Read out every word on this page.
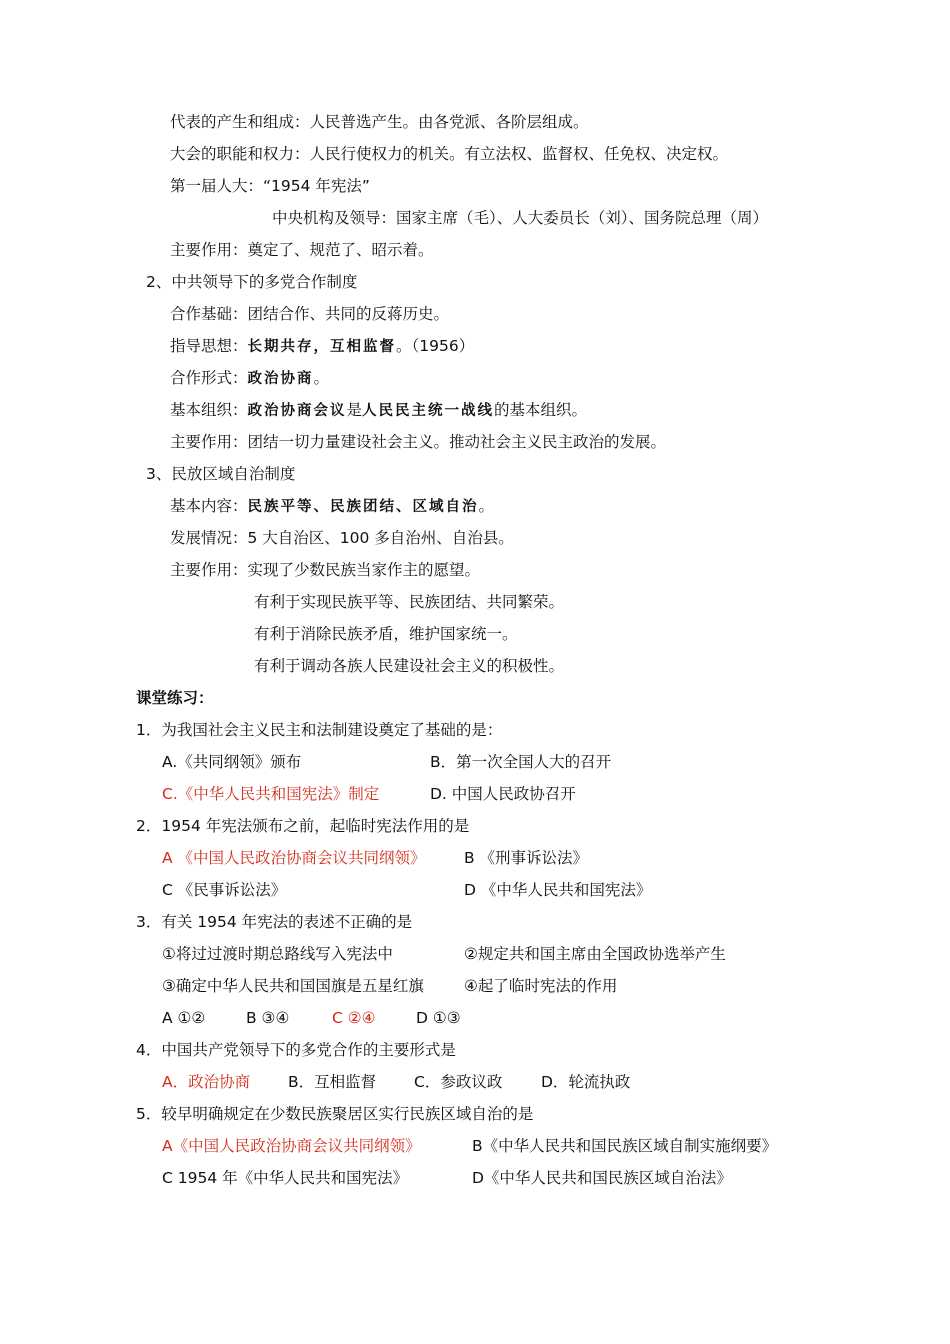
代表的产生和组成：人民普选产生。由各党派、各阶层组成。
大会的职能和权力：人民行使权力的机关。有立法权、监督权、任免权、决定权。
第一届人大：“1954 年宪法”
中央机构及领导：国家主席（毛）、人大委员长（刘）、国务院总理（周）
主要作用：奠定了、规范了、昭示着。
2、中共领导下的多党合作制度
合作基础：团结合作、共同的反蒋历史。
指导思想：长期共存，互相监督。（1956）
合作形式：政治协商。
基本组织：政治协商会议是人民民主统一战线的基本组织。
主要作用：团结一切力量建设社会主义。推动社会主义民主政治的发展。
3、民放区域自治制度
基本内容：民族平等、民族团结、区域自治。
发展情况：5 大自治区、100 多自治州、自治县。
主要作用：实现了少数民族当家作主的愿望。
有利于实现民族平等、民族团结、共同繁荣。
有利于消除民族矛盾，维护国家统一。
有利于调动各族人民建设社会主义的积极性。
课堂练习：
1．为我国社会主义民主和法制建设奠定了基础的是：
A.《共同纲领》颁布	B．第一次全国人大的召开
C.《中华人民共和国宪法》制定	D. 中国人民政协召开
2．1954 年宪法颁布之前，起临时宪法作用的是
A 《中国人民政治协商会议共同纲领》 B 《刑事诉讼法》
C 《民事诉讼法》	D 《中华人民共和国宪法》
3．有关 1954 年宪法的表述不正确的是
①将过过渡时期总路线写入宪法中	②规定共和国主席由全国政协选举产生
③确定中华人民共和国国旗是五星红旗	④起了临时宪法的作用
A ①②	B ③④	C ②④	D ①③
4．中国共产党领导下的多党合作的主要形式是
A．政治协商 B．互相监督 C．参政议政 D．轮流执政
5．较早明确规定在少数民族聚居区实行民族区域自治的是
A《中国人民政治协商会议共同纲领》	B《中华人民共和国民族区域自制实施纲要》
C 1954 年《中华人民共和国宪法》	D《中华人民共和国民族区域自治法》
